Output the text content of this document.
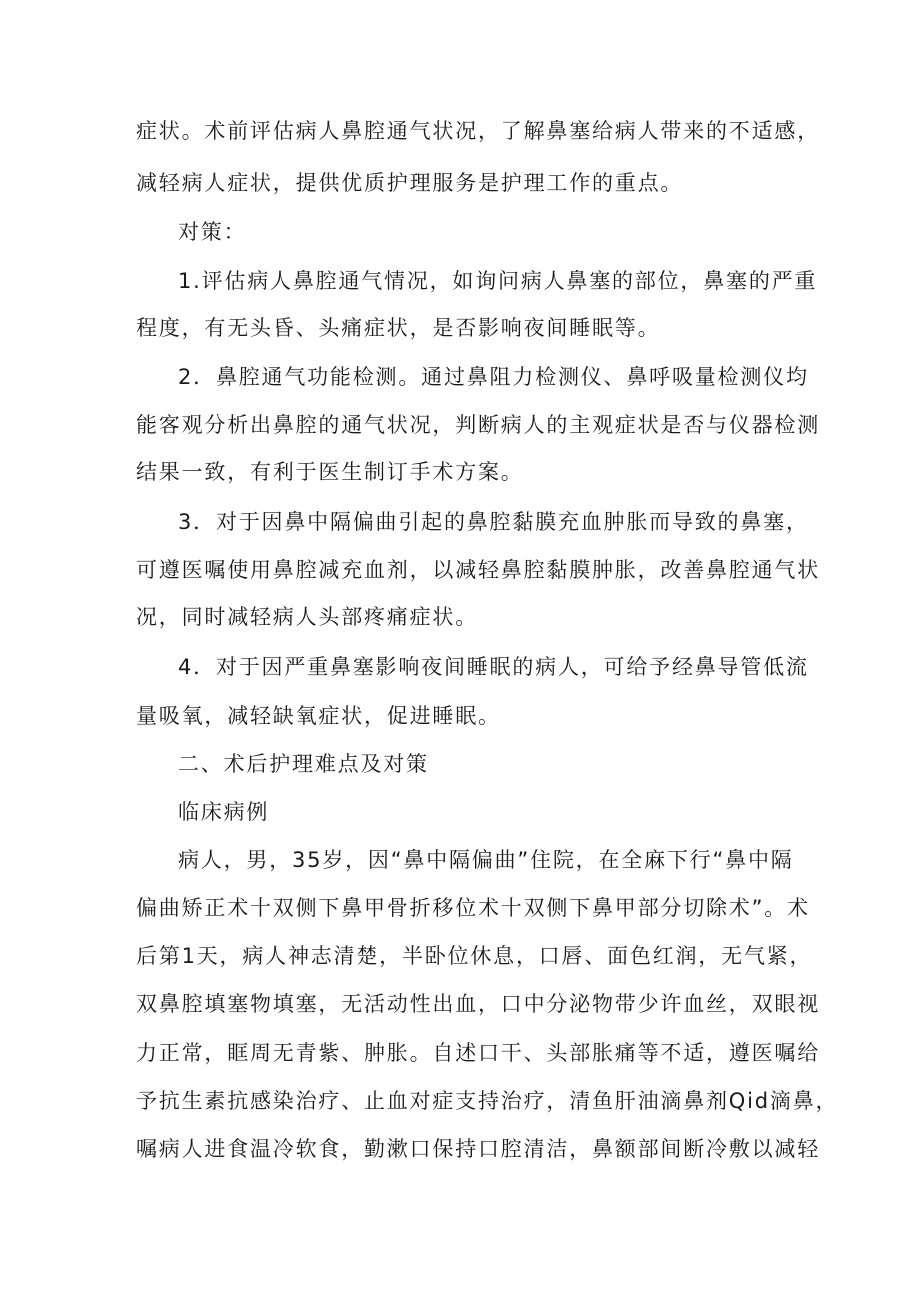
症状。术前评估病人鼻腔通气状况，了解鼻塞给病人带来的不适感，
减轻病人症状，提供优质护理服务是护理工作的重点。
对策：
1.评估病人鼻腔通气情况，如询问病人鼻塞的部位，鼻塞的严重
程度，有无头昏、头痛症状，是否影响夜间睡眠等。
2．鼻腔通气功能检测。通过鼻阻力检测仪、鼻呼吸量检测仪均
能客观分析出鼻腔的通气状况，判断病人的主观症状是否与仪器检测
结果一致，有利于医生制订手术方案。
3．对于因鼻中隔偏曲引起的鼻腔黏膜充血肿胀而导致的鼻塞，
可遵医嘱使用鼻腔减充血剂，以减轻鼻腔黏膜肿胀，改善鼻腔通气状
况，同时减轻病人头部疼痛症状。
4．对于因严重鼻塞影响夜间睡眠的病人，可给予经鼻导管低流
量吸氧，减轻缺氧症状，促进睡眠。
二、术后护理难点及对策
临床病例
病人，男，35岁，因“鼻中隔偏曲”住院，在全麻下行“鼻中隔
偏曲矫正术十双侧下鼻甲骨折移位术十双侧下鼻甲部分切除术”。术
后第1天，病人神志清楚，半卧位休息，口唇、面色红润，无气紧，
双鼻腔填塞物填塞，无活动性出血，口中分泌物带少许血丝，双眼视
力正常，眶周无青紫、肿胀。自述口干、头部胀痛等不适，遵医嘱给
予抗生素抗感染治疗、止血对症支持治疗，清鱼肝油滴鼻剂Qid滴鼻，
嘱病人进食温冷软食，勤漱口保持口腔清洁，鼻额部间断冷敷以减轻
